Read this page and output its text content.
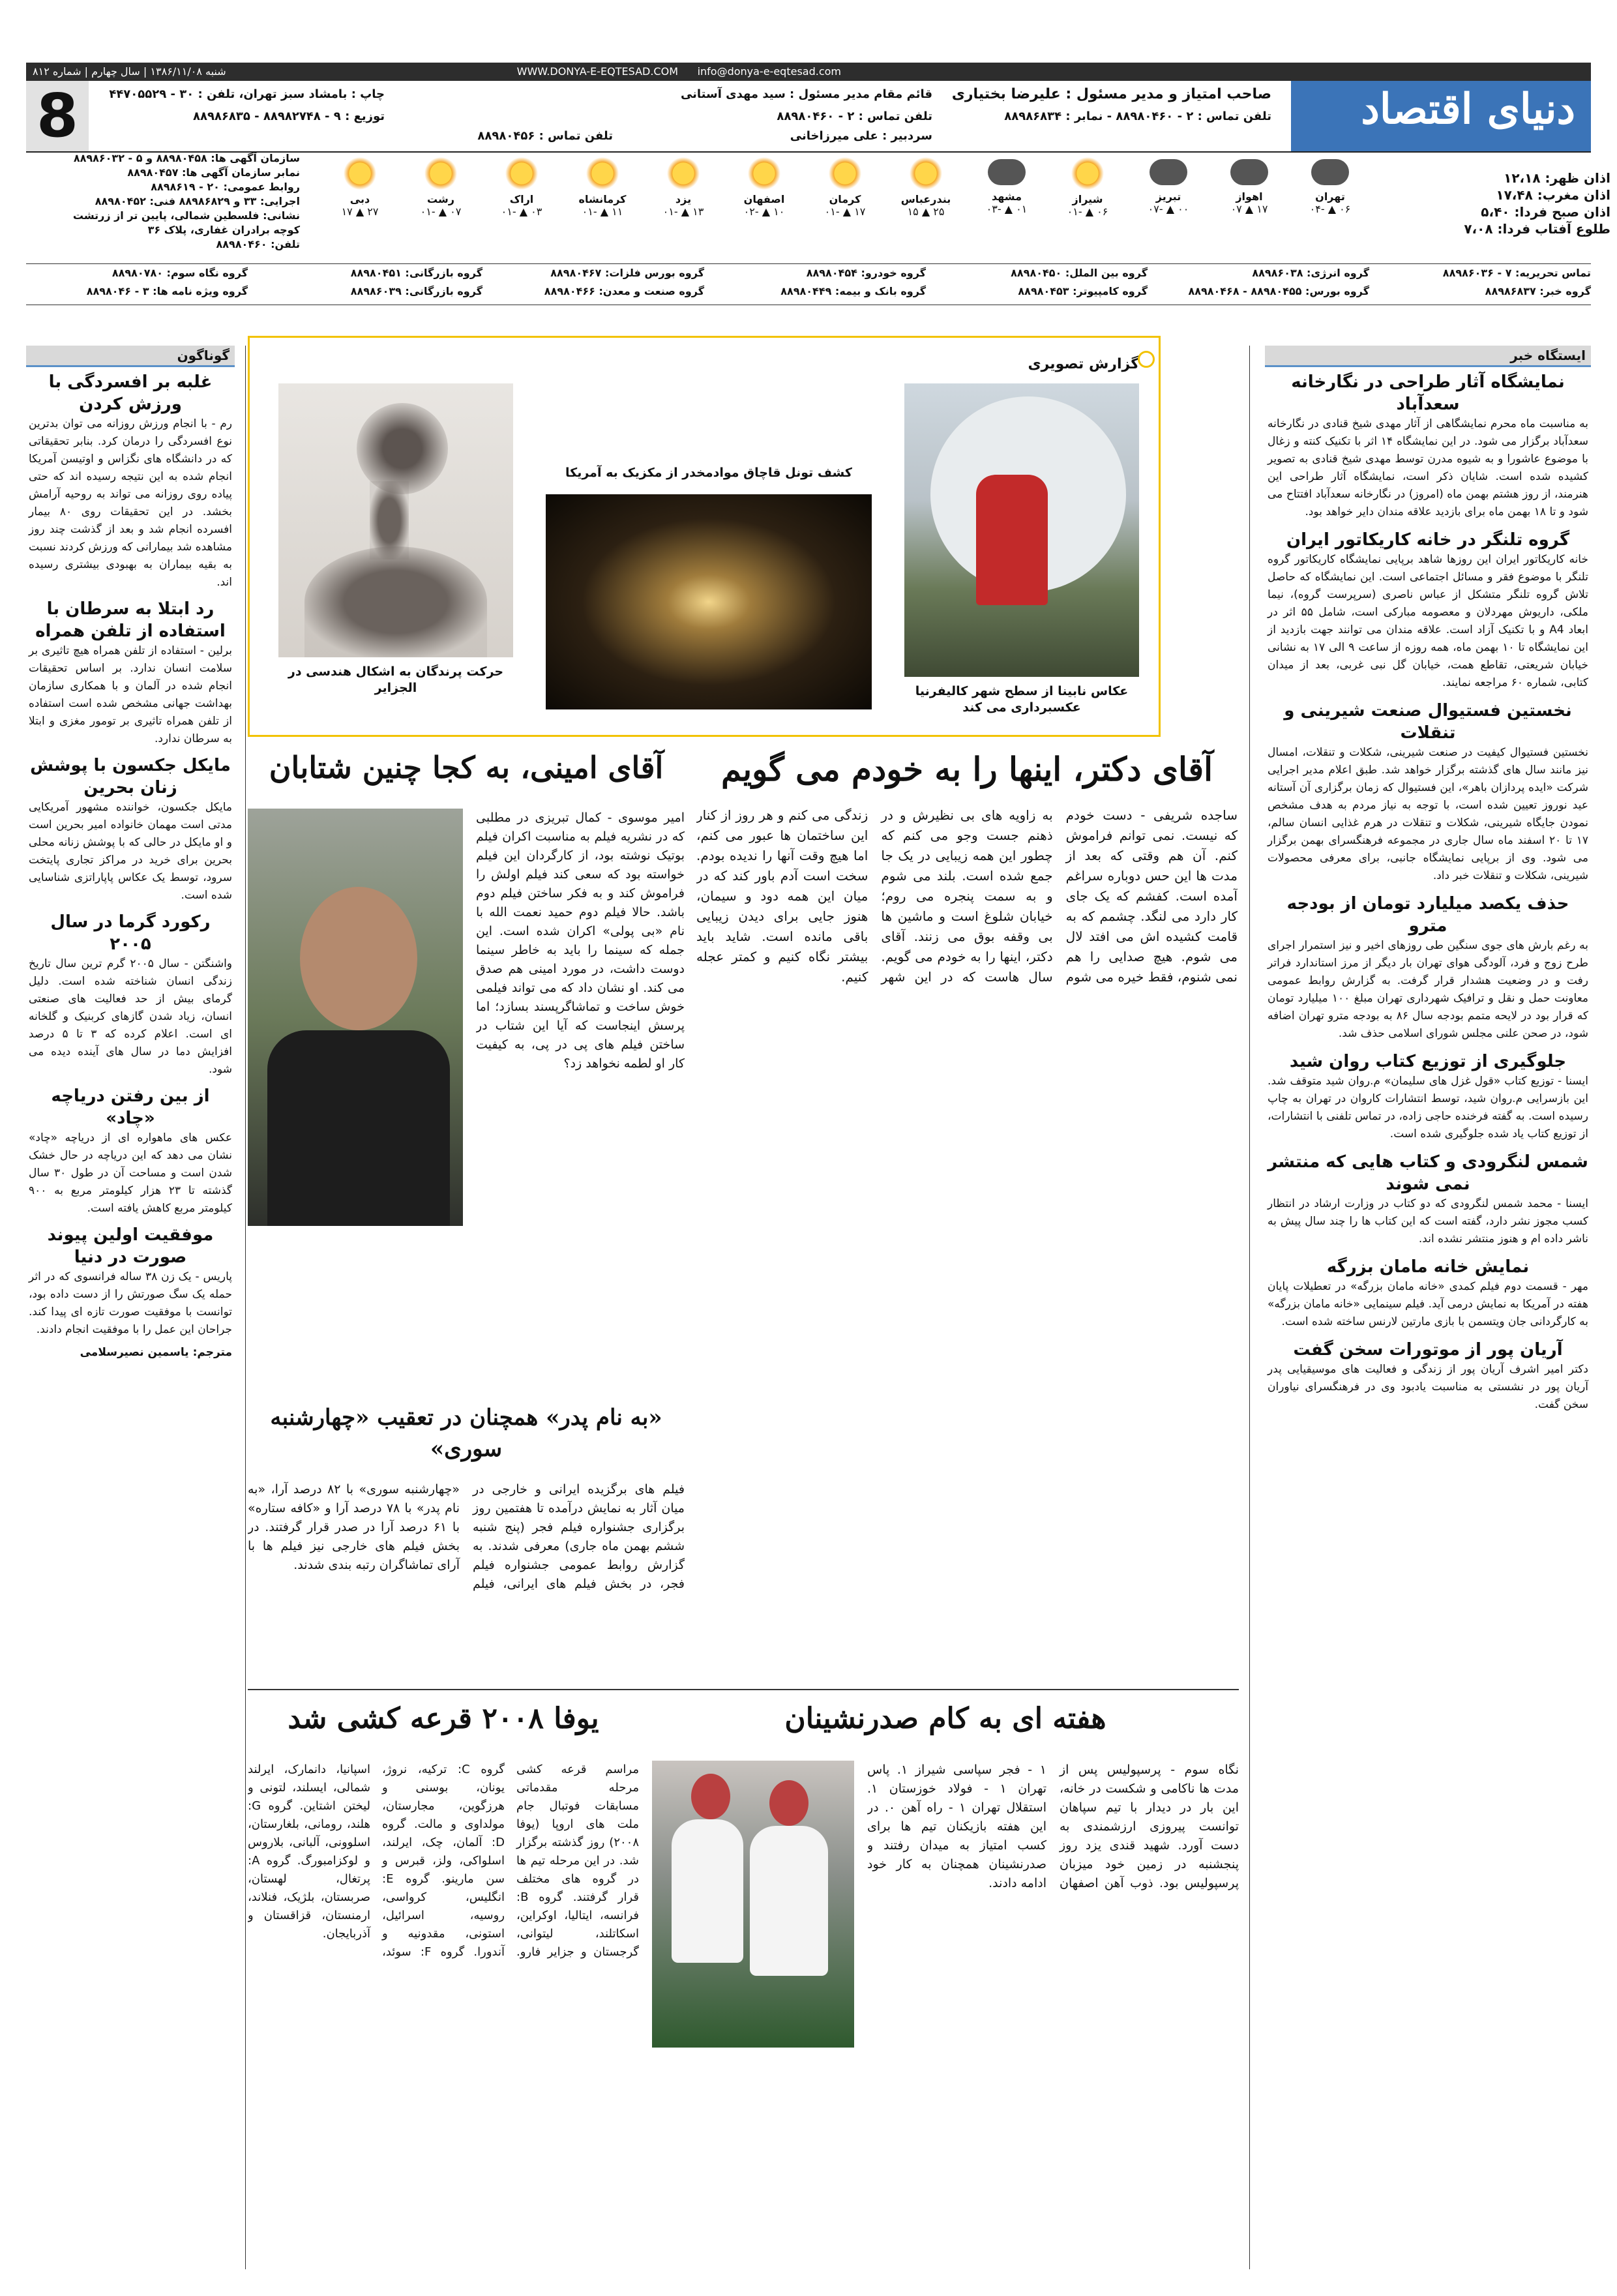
WWW.DONYA-E-EQTESAD.COM info@donya-e-eqtesad.com
شنبه ۱۳۸۶/۱۱/۰۸ | سال چهارم | شماره ۸۱۲
دنیای اقتصاد
8	صاحب امتیاز و مدیر مسئول : علیرضا بختیاری
تلفن تماس : ۲ - ۸۸۹۸۰۴۶۰ - نمابر : ۸۸۹۸۶۸۳۴
قائم مقام مدیر مسئول : سید مهدی آستانی
تلفن تماس : ۲ - ۸۸۹۸۰۴۶۰
سردبیر : علی میرزاخانی
تلفن تماس : ۸۸۹۸۰۴۵۶
چاپ : بامشاد سبز تهران، تلفن : ۳۰ - ۴۴۷۰۵۵۲۹
توزیع : ۹ - ۸۸۹۸۲۷۴۸ - ۸۸۹۸۶۸۳۵
اذان ظهر: ۱۲،۱۸
اذان مغرب: ۱۷،۴۸
اذان صبح فردا: ۵،۴۰
طلوع آفتاب فردا: ۷،۰۸
تهران
۰۶ ▲ -۰۴
اهواز
۱۷ ▲ ۰۷
تبریز
۰۰ ▲ -۰۷
شیراز
۰۶ ▲ -۰۱
مشهد
۰۱ ▲ -۰۳
بندرعباس
۲۵ ▲ ۱۵
کرمان
۱۷ ▲ -۰۱
اصفهان
۱۰ ▲ -۰۲
یزد
۱۳ ▲ -۰۱
کرمانشاه
۱۱ ▲ -۰۱
اراک
۰۳ ▲ -۰۱
رشت
۰۷ ▲ -۰۱
دبی
۲۷ ▲ ۱۷
سازمان آگهی ها: ۸۸۹۸۰۴۵۸ و ۵ - ۸۸۹۸۶۰۳۲
نمابر سازمان آگهی ها: ۸۸۹۸۰۴۵۷
روابط عمومی: ۲۰ - ۸۸۹۸۶۱۹
اجرایی: ۳۳ و ۸۸۹۸۶۸۲۹ فنی: ۸۸۹۸۰۴۵۲
نشانی: فلسطین شمالی، پایین تر از زرتشت
کوچه برادران غفاری، پلاک ۳۶
تلفن: ۸۸۹۸۰۴۶۰
تماس تحریریه: ۷ - ۸۸۹۸۶۰۳۶
گروه انرژی: ۸۸۹۸۶۰۳۸
گروه بین الملل: ۸۸۹۸۰۴۵۰
گروه خودرو: ۸۸۹۸۰۴۵۴
گروه بورس فلزات: ۸۸۹۸۰۴۶۷
گروه بازرگانی: ۸۸۹۸۰۴۵۱
گروه نگاه سوم: ۸۸۹۸۰۷۸۰
گروه خبر: ۸۸۹۸۶۸۳۷
گروه بورس: ۸۸۹۸۰۴۵۵ - ۸۸۹۸۰۴۶۸
گروه کامپیوتر: ۸۸۹۸۰۴۵۳
گروه بانک و بیمه: ۸۸۹۸۰۴۴۹
گروه صنعت و معدن: ۸۸۹۸۰۴۶۶
گروه بازرگانی: ۸۸۹۸۶۰۳۹
گروه ویژه نامه ها: ۳ - ۸۸۹۸۰۴۶
ایستگاه خبر
نمایشگاه آثار طراحی در نگارخانه سعدآباد
به مناسبت ماه محرم نمایشگاهی از آثار مهدی شیخ قنادی در نگارخانه سعدآباد برگزار می شود. در این نمایشگاه ۱۴ اثر با تکنیک کنته و زغال با موضوع عاشورا و به شیوه مدرن توسط مهدی شیخ قنادی به تصویر کشیده شده است. شایان ذکر است، نمایشگاه آثار طراحی این هنرمند، از روز هشتم بهمن ماه (امروز) در نگارخانه سعدآباد افتتاح می شود و تا ۱۸ بهمن ماه برای بازدید علاقه مندان دایر خواهد بود.
گروه تلنگر در خانه کاریکاتور ایران
خانه کاریکاتور ایران این روزها شاهد برپایی نمایشگاه کاریکاتور گروه تلنگر با موضوع فقر و مسائل اجتماعی است. این نمایشگاه که حاصل تلاش گروه تلنگر متشکل از عباس ناصری (سرپرست گروه)، نیما ملکی، داریوش مهردلان و معصومه مبارکی است، شامل ۵۵ اثر در ابعاد A4 و با تکنیک آزاد است. علاقه مندان می توانند جهت بازدید از این نمایشگاه تا ۱۰ بهمن ماه، همه روزه از ساعت ۹ الی ۱۷ به نشانی خیابان شریعتی، تقاطع همت، خیابان گل نبی غربی، بعد از میدان کتابی، شماره ۶۰ مراجعه نمایند.
نخستین فستیوال صنعت شیرینی و تنقلات
نخستین فستیوال کیفیت در صنعت شیرینی، شکلات و تنقلات، امسال نیز مانند سال های گذشته برگزار خواهد شد. طبق اعلام مدیر اجرایی شرکت «ایده پردازان باهر»، این فستیوال که زمان برگزاری آن آستانه عید نوروز تعیین شده است، با توجه به نیاز مردم به هدف مشخص نمودن جایگاه شیرینی، شکلات و تنقلات در هرم غذایی انسان سالم، ۱۷ تا ۲۰ اسفند ماه سال جاری در مجموعه فرهنگسرای بهمن برگزار می شود. وی از برپایی نمایشگاه جانبی، برای معرفی محصولات شیرینی، شکلات و تنقلات خبر داد.
حذف یکصد میلیارد تومان از بودجه مترو
به رغم بارش های جوی سنگین طی روزهای اخیر و نیز استمرار اجرای طرح زوج و فرد، آلودگی هوای تهران بار دیگر از مرز استاندارد فراتر رفت و در وضعیت هشدار قرار گرفت. به گزارش روابط عمومی معاونت حمل و نقل و ترافیک شهرداری تهران مبلغ ۱۰۰ میلیارد تومان که قرار بود در لایحه متمم بودجه سال ۸۶ به بودجه مترو تهران اضافه شود، در صحن علنی مجلس شورای اسلامی حذف شد.
جلوگیری از توزیع کتاب روان شید
ایسنا - توزیع کتاب «قول غزل های سلیمان» م.روان شید متوقف شد. این بازسرایی م.روان شید، توسط انتشارات کاروان در تهران به چاپ رسیده است. به گفته فرخنده حاجی زاده، در تماس تلفنی با انتشارات، از توزیع کتاب یاد شده جلوگیری شده است.
شمس لنگرودی و کتاب هایی که منتشر نمی شوند
ایسنا - محمد شمس لنگرودی که دو کتاب در وزارت ارشاد در انتظار کسب مجوز نشر دارد، گفته است که این کتاب ها را چند سال پیش به ناشر داده ام و هنوز منتشر نشده اند.
نمایش خانه مامان بزرگه
مهر - قسمت دوم فیلم کمدی «خانه مامان بزرگه» در تعطیلات پایان هفته در آمریکا به نمایش درمی آید. فیلم سینمایی «خانه مامان بزرگه» به کارگردانی جان ویتسمن با بازی مارتین لارنس ساخته شده است.
آریان پور از موتورات سخن گفت
دکتر امیر اشرف آریان پور از زندگی و فعالیت های موسیقیایی پدر آریان پور در نشستی به مناسبت یادبود وی در فرهنگسرای نیاوران سخن گفت.
گوناگون
غلبه بر افسردگی با ورزش کردن
رم - با انجام ورزش روزانه می توان بدترین نوع افسردگی را درمان کرد. بنابر تحقیقاتی که در دانشگاه های نگزاس و اوتیسن آمریکا انجام شده به این نتیجه رسیده اند که حتی پیاده روی روزانه می تواند به روحیه آرامش بخشد. در این تحقیقات روی ۸۰ بیمار افسرده انجام شد و بعد از گذشت چند روز مشاهده شد بیمارانی که ورزش کردند نسبت به بقیه بیماران به بهبودی بیشتری رسیده اند.
رد ابتلا به سرطان با استفاده از تلفن همراه
برلین - استفاده از تلفن همراه هیچ تاثیری بر سلامت انسان ندارد. بر اساس تحقیقات انجام شده در آلمان و با همکاری سازمان بهداشت جهانی مشخص شده است استفاده از تلفن همراه تاثیری بر تومور مغزی و ابتلا به سرطان ندارد.
مایکل جکسون با پوشش زنان بحرین
مایکل جکسون، خواننده مشهور آمریکایی مدتی است مهمان خانواده امیر بحرین است و او مایکل در حالی که با پوشش زنانه محلی بحرین برای خرید در مراکز تجاری پایتخت سرود، توسط یک عکاس پاپاراتزی شناسایی شده است.
رکورد گرما در سال ۲۰۰۵
واشنگتن - سال ۲۰۰۵ گرم ترین سال تاریخ زندگی انسان شناخته شده است. دلیل گرمای بیش از حد فعالیت های صنعتی انسان، زیاد شدن گازهای کربنیک و گلخانه ای است. اعلام کرده که ۳ تا ۵ درصد افزایش دما در سال های آینده دیده می شود.
از بین رفتن دریاچه «چاد»
عکس های ماهواره ای از دریاچه «چاد» نشان می دهد که این دریاچه در حال خشک شدن است و مساحت آن در طول ۳۰ سال گذشته تا ۲۳ هزار کیلومتر مربع به ۹۰۰ کیلومتر مربع کاهش یافته است.
موفقیت اولین پیوند صورت در دنیا
پاریس - یک زن ۳۸ ساله فرانسوی که در اثر حمله یک سگ صورتش را از دست داده بود، توانست با موفقیت صورت تازه ای پیدا کند. جراحان این عمل را با موفقیت انجام دادند.
مترجم: یاسمین نصیرسلامی
گزارش تصویری
عکاس نابینا از سطح شهر کالیفرنیا عکسبرداری می کند
کشف تونل قاچاق موادمخدر از مکزیک به آمریکا
حرکت پرندگان به اشکال هندسی در الجزایر
آقای دکتر، اینها را به خودم می گویم
ساجده شریفی - دست خودم که نیست. نمی توانم فراموش کنم. آن هم وقتی که بعد از مدت ها این حس دوباره سراغم آمده است. کفشم که یک جای کار دارد می لنگد. چشمم که به قامت کشیده اش می افتد لال می شوم. هیچ صدایی را هم نمی شنوم، فقط خیره می شوم به زاویه های بی نظیرش و در ذهنم جست وجو می کنم که چطور این همه زیبایی در یک جا جمع شده است. بلند می شوم و به سمت پنجره می روم؛ خیابان شلوغ است و ماشین ها بی وقفه بوق می زنند. آقای دکتر، اینها را به خودم می گویم. سال هاست که در این شهر زندگی می کنم و هر روز از کنار این ساختمان ها عبور می کنم، اما هیچ وقت آنها را ندیده بودم. سخت است آدم باور کند که در میان این همه دود و سیمان، هنوز جایی برای دیدن زیبایی باقی مانده است. شاید باید بیشتر نگاه کنیم و کمتر عجله کنیم.
آقای امینی، به کجا چنین شتابان
امیر موسوی - کمال تبریزی در مطلبی که در نشریه فیلم به مناسبت اکران فیلم بوتیک نوشته بود، از کارگردان این فیلم خواسته بود که سعی کند فیلم اولش را فراموش کند و به فکر ساختن فیلم دوم باشد. حالا فیلم دوم حمید نعمت الله با نام «بی پولی» اکران شده است. این جمله که سینما را باید به خاطر سینما دوست داشت، در مورد امینی هم صدق می کند. او نشان داد که می تواند فیلمی خوش ساخت و تماشاگرپسند بسازد؛ اما پرسش اینجاست که آیا این شتاب در ساختن فیلم های پی در پی، به کیفیت کار او لطمه نخواهد زد؟
«به نام پدر» همچنان در تعقیب «چهارشنبه سوری»
فیلم های برگزیده ایرانی و خارجی در میان آثار به نمایش درآمده تا هفتمین روز برگزاری جشنواره فیلم فجر (پنج شنبه ششم بهمن ماه جاری) معرفی شدند. به گزارش روابط عمومی جشنواره فیلم فجر، در بخش فیلم های ایرانی، فیلم «چهارشنبه سوری» با ۸۲ درصد آرا، «به نام پدر» با ۷۸ درصد آرا و «کافه ستاره» با ۶۱ درصد آرا در صدر قرار گرفتند. در بخش فیلم های خارجی نیز فیلم ها با آرای تماشاگران رتبه بندی شدند.
هفته ای به کام صدرنشینان
نگاه سوم - پرسپولیس پس از مدت ها ناکامی و شکست در خانه، این بار در دیدار با تیم سپاهان توانست پیروزی ارزشمندی به دست آورد. شهید قندی یزد روز پنجشنبه در زمین خود میزبان پرسپولیس بود. ذوب آهن اصفهان ۱ - فجر سپاسی شیراز ۱. پاس تهران ۱ - فولاد خوزستان ۱. استقلال تهران ۱ - راه آهن ۰. در این هفته بازیکنان تیم ها برای کسب امتیاز به میدان رفتند و صدرنشینان همچنان به کار خود ادامه دادند.
یوفا ۲۰۰۸ قرعه کشی شد
مراسم قرعه کشی مرحله مقدماتی مسابقات فوتبال جام ملت های اروپا (یوفا ۲۰۰۸) روز گذشته برگزار شد. در این مرحله تیم ها در گروه های مختلف قرار گرفتند. گروه B: فرانسه، ایتالیا، اوکراین، اسکاتلند، لیتوانی، گرجستان و جزایر فارو. گروه C: ترکیه، نروژ، یونان، بوسنی و هرزگوین، مجارستان، مولداوی و مالت. گروه D: آلمان، چک، ایرلند، اسلواکی، ولز، قبرس و سن مارینو. گروه E: انگلیس، کرواسی، روسیه، اسرائیل، استونی، مقدونیه و آندورا. گروه F: سوئد، اسپانیا، دانمارک، ایرلند شمالی، ایسلند، لتونی و لیختن اشتاین. گروه G: هلند، رومانی، بلغارستان، اسلوونی، آلبانی، بلاروس و لوکزامبورگ. گروه A: پرتغال، لهستان، صربستان، بلژیک، فنلاند، ارمنستان، قزاقستان و آذربایجان.
